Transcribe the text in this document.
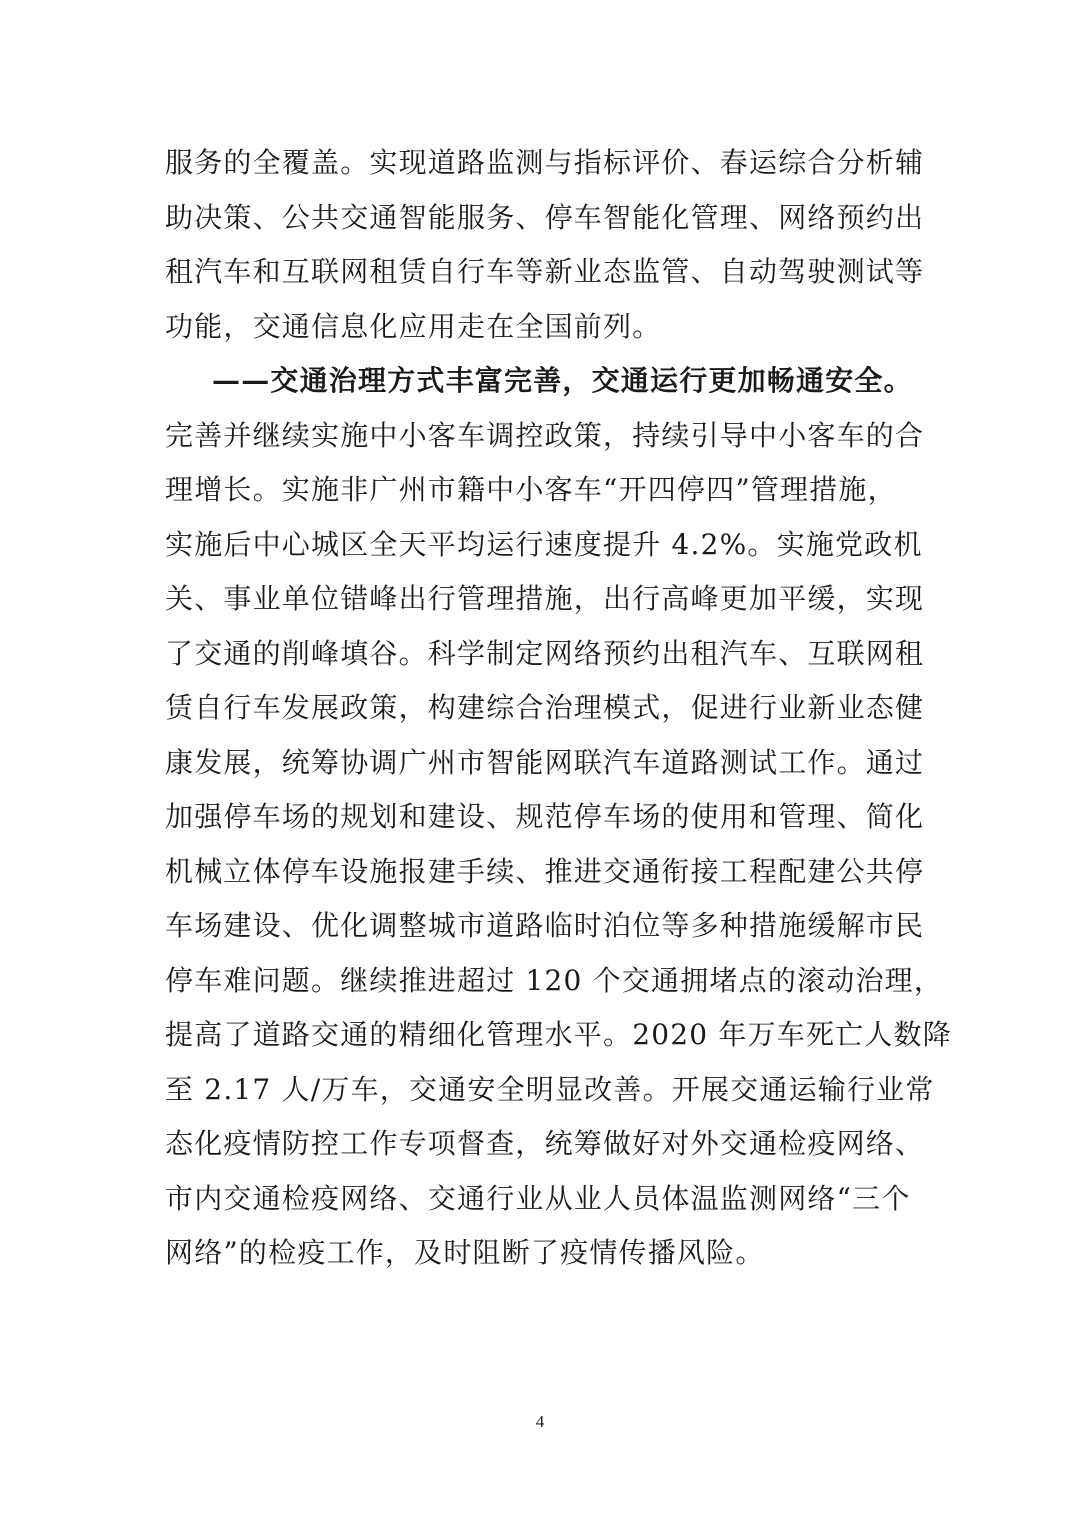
服务的全覆盖。实现道路监测与指标评价、春运综合分析辅
助决策、公共交通智能服务、停车智能化管理、网络预约出
租汽车和互联网租赁自行车等新业态监管、自动驾驶测试等
功能，交通信息化应用走在全国前列。
——交通治理方式丰富完善，交通运行更加畅通安全。
完善并继续实施中小客车调控政策，持续引导中小客车的合
理增长。实施非广州市籍中小客车“开四停四”管理措施，
实施后中心城区全天平均运行速度提升 4.2%。实施党政机
关、事业单位错峰出行管理措施，出行高峰更加平缓，实现
了交通的削峰填谷。科学制定网络预约出租汽车、互联网租
赁自行车发展政策，构建综合治理模式，促进行业新业态健
康发展，统筹协调广州市智能网联汽车道路测试工作。通过
加强停车场的规划和建设、规范停车场的使用和管理、简化
机械立体停车设施报建手续、推进交通衔接工程配建公共停
车场建设、优化调整城市道路临时泊位等多种措施缓解市民
停车难问题。继续推进超过 120 个交通拥堵点的滚动治理，
提高了道路交通的精细化管理水平。2020 年万车死亡人数降
至 2.17 人/万车，交通安全明显改善。开展交通运输行业常
态化疫情防控工作专项督查，统筹做好对外交通检疫网络、
市内交通检疫网络、交通行业从业人员体温监测网络“三个
网络”的检疫工作，及时阻断了疫情传播风险。
4
